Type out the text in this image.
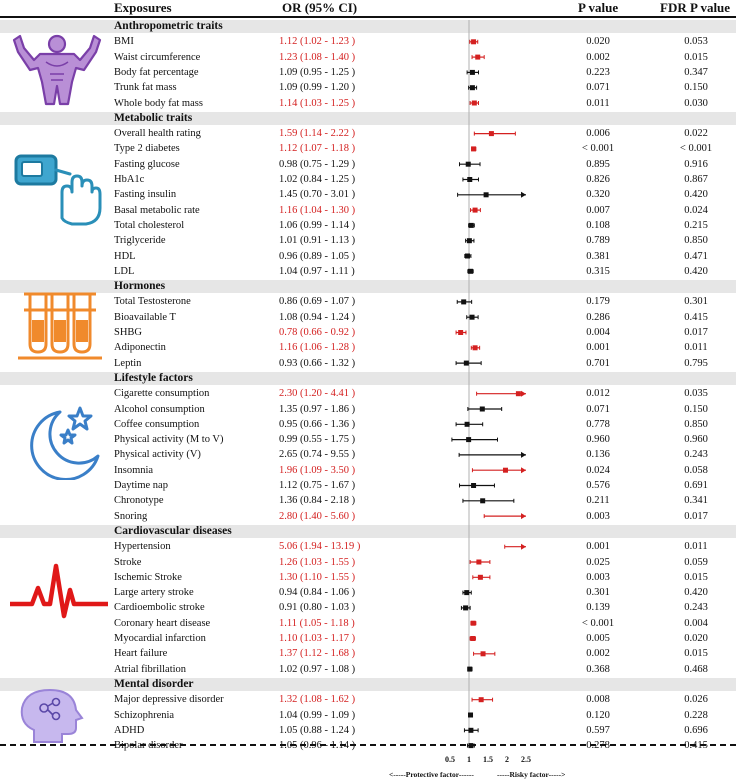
Exposures	OR (95% CI)	P value	FDR P value
Anthropometric traits
BMI	1.12 (1.02 - 1.23 )	0.020	0.053
Waist circumference	1.23 (1.08 - 1.40 )	0.002	0.015
Body fat percentage	1.09 (0.95 - 1.25 )	0.223	0.347
Trunk fat mass	1.09 (0.99 - 1.20 )	0.071	0.150
Whole body fat mass	1.14 (1.03 - 1.25 )	0.011	0.030
Metabolic traits
Overall health rating	1.59 (1.14 - 2.22 )	0.006	0.022
Type 2 diabetes	1.12 (1.07 - 1.18 )	< 0.001	< 0.001
Fasting glucose	0.98 (0.75 - 1.29 )	0.895	0.916
HbA1c	1.02 (0.84 - 1.25 )	0.826	0.867
Fasting insulin	1.45 (0.70 - 3.01 )	0.320	0.420
Basal metabolic rate	1.16 (1.04 - 1.30 )	0.007	0.024
Total cholesterol	1.06 (0.99 - 1.14 )	0.108	0.215
Triglyceride	1.01 (0.91 - 1.13 )	0.789	0.850
HDL	0.96 (0.89 - 1.05 )	0.381	0.471
LDL	1.04 (0.97 - 1.11 )	0.315	0.420
Hormones
Total Testosterone	0.86 (0.69 - 1.07 )	0.179	0.301
Bioavailable T	1.08 (0.94 - 1.24 )	0.286	0.415
SHBG	0.78 (0.66 - 0.92 )	0.004	0.017
Adiponectin	1.16 (1.06 - 1.28 )	0.001	0.011
Leptin	0.93 (0.66 - 1.32 )	0.701	0.795
Lifestyle factors
Cigarette consumption	2.30 (1.20 - 4.41 )	0.012	0.035
Alcohol consumption	1.35 (0.97 - 1.86 )	0.071	0.150
Coffee consumption	0.95 (0.66 - 1.36 )	0.778	0.850
Physical activity (M to V)	0.99 (0.55 - 1.75 )	0.960	0.960
Physical activity (V)	2.65 (0.74 - 9.55 )	0.136	0.243
Insomnia	1.96 (1.09 - 3.50 )	0.024	0.058
Daytime nap	1.12 (0.75 - 1.67 )	0.576	0.691
Chronotype	1.36 (0.84 - 2.18 )	0.211	0.341
Snoring	2.80 (1.40 - 5.60 )	0.003	0.017
Cardiovascular diseases
Hypertension	5.06 (1.94 - 13.19 )	0.001	0.011
Stroke	1.26 (1.03 - 1.55 )	0.025	0.059
Ischemic Stroke	1.30 (1.10 - 1.55 )	0.003	0.015
Large artery stroke	0.94 (0.84 - 1.06 )	0.301	0.420
Cardioembolic stroke	0.91 (0.80 - 1.03 )	0.139	0.243
Coronary heart disease	1.11 (1.05 - 1.18 )	< 0.001	0.004
Myocardial infarction	1.10 (1.03 - 1.17 )	0.005	0.020
Heart failure	1.37 (1.12 - 1.68 )	0.002	0.015
Atrial fibrillation	1.02 (0.97 - 1.08 )	0.368	0.468
Mental disorder
Major depressive disorder	1.32 (1.08 - 1.62 )	0.008	0.026
Schizophrenia	1.04 (0.99 - 1.09 )	0.120	0.228
ADHD	1.05 (0.88 - 1.24 )	0.597	0.696
Bipolar disorder	1.05 (0.96 - 1.14 )	0.278	0.415
0.5 1 1.5 2 2.5
<-----Protective factor------	-----Risky factor----->
